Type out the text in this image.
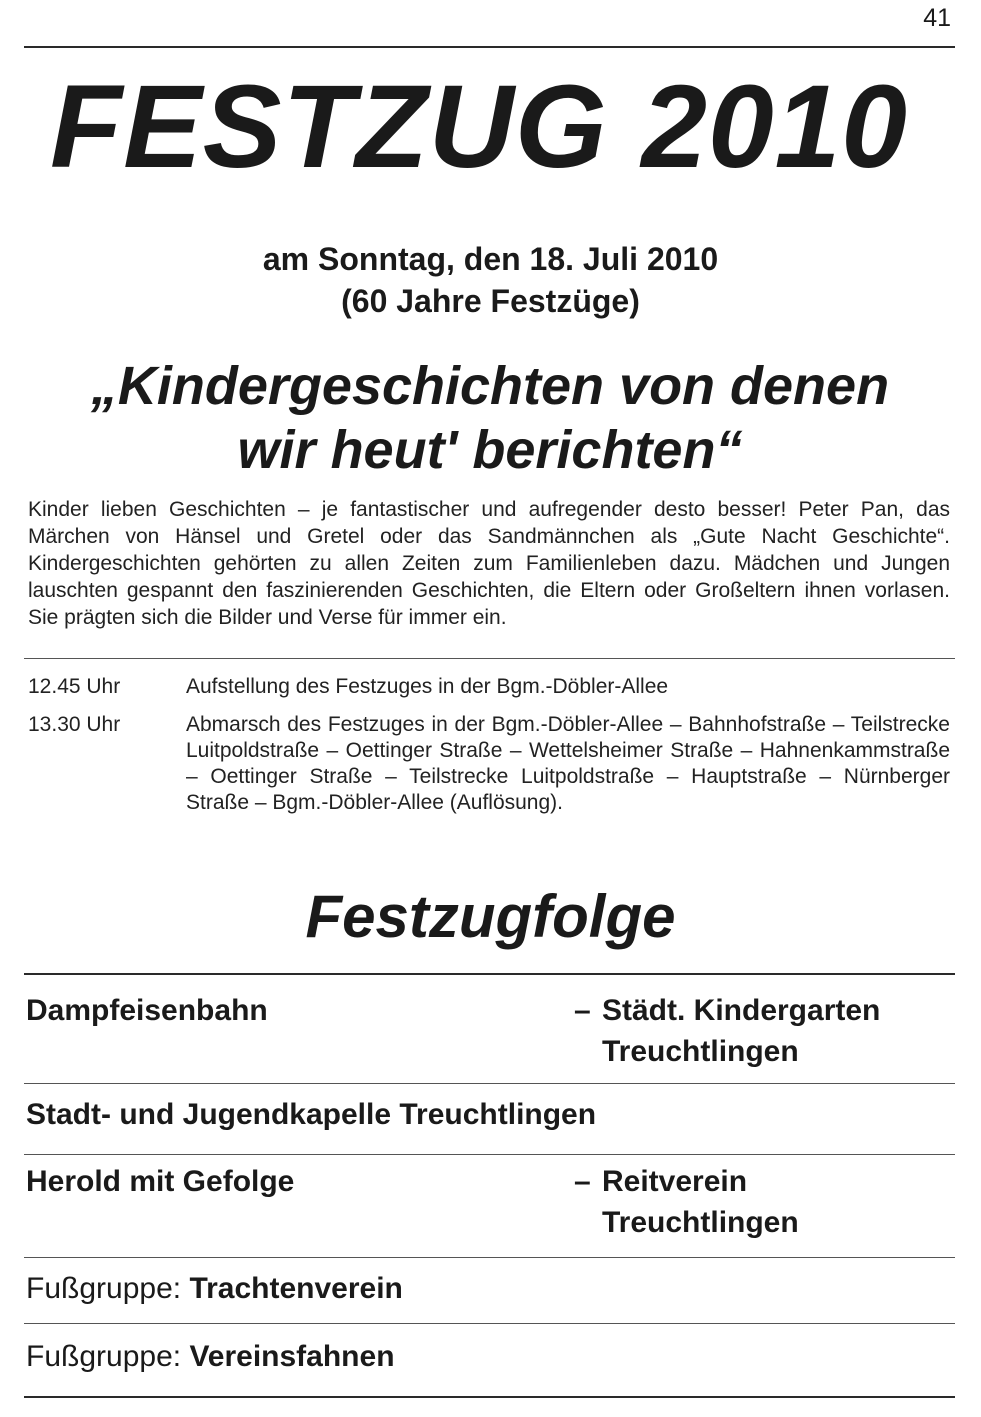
41
FESTZUG 2010
am Sonntag, den 18. Juli 2010
(60 Jahre Festzüge)
„Kindergeschichten von denen
wir heut' berichten“
Kinder lieben Geschichten – je fantastischer und aufregender desto besser! Peter Pan, das Märchen von Hänsel und Gretel oder das Sandmännchen als „Gute Nacht Geschichte“. Kindergeschichten gehörten zu allen Zeiten zum Familienleben dazu. Mädchen und Jungen lauschten gespannt den faszinierenden Geschichten, die Eltern oder Großeltern ihnen vorlasen. Sie prägten sich die Bilder und Verse für immer ein.
12.45 Uhr	Aufstellung des Festzuges in der Bgm.-Döbler-Allee
13.30 Uhr	Abmarsch des Festzuges in der Bgm.-Döbler-Allee – Bahnhofstraße – Teilstrecke Luitpoldstraße – Oettinger Straße – Wettelsheimer Straße – Hahnenkammstraße – Oettinger Straße – Teilstrecke Luitpoldstraße – Hauptstraße – Nürnberger Straße – Bgm.-Döbler-Allee (Auflösung).
Festzugfolge
Dampfeisenbahn	– Städt. Kindergarten
Treuchtlingen
Stadt- und Jugendkapelle Treuchtlingen
Herold mit Gefolge	– Reitverein
Treuchtlingen
Fußgruppe: Trachtenverein
Fußgruppe: Vereinsfahnen
